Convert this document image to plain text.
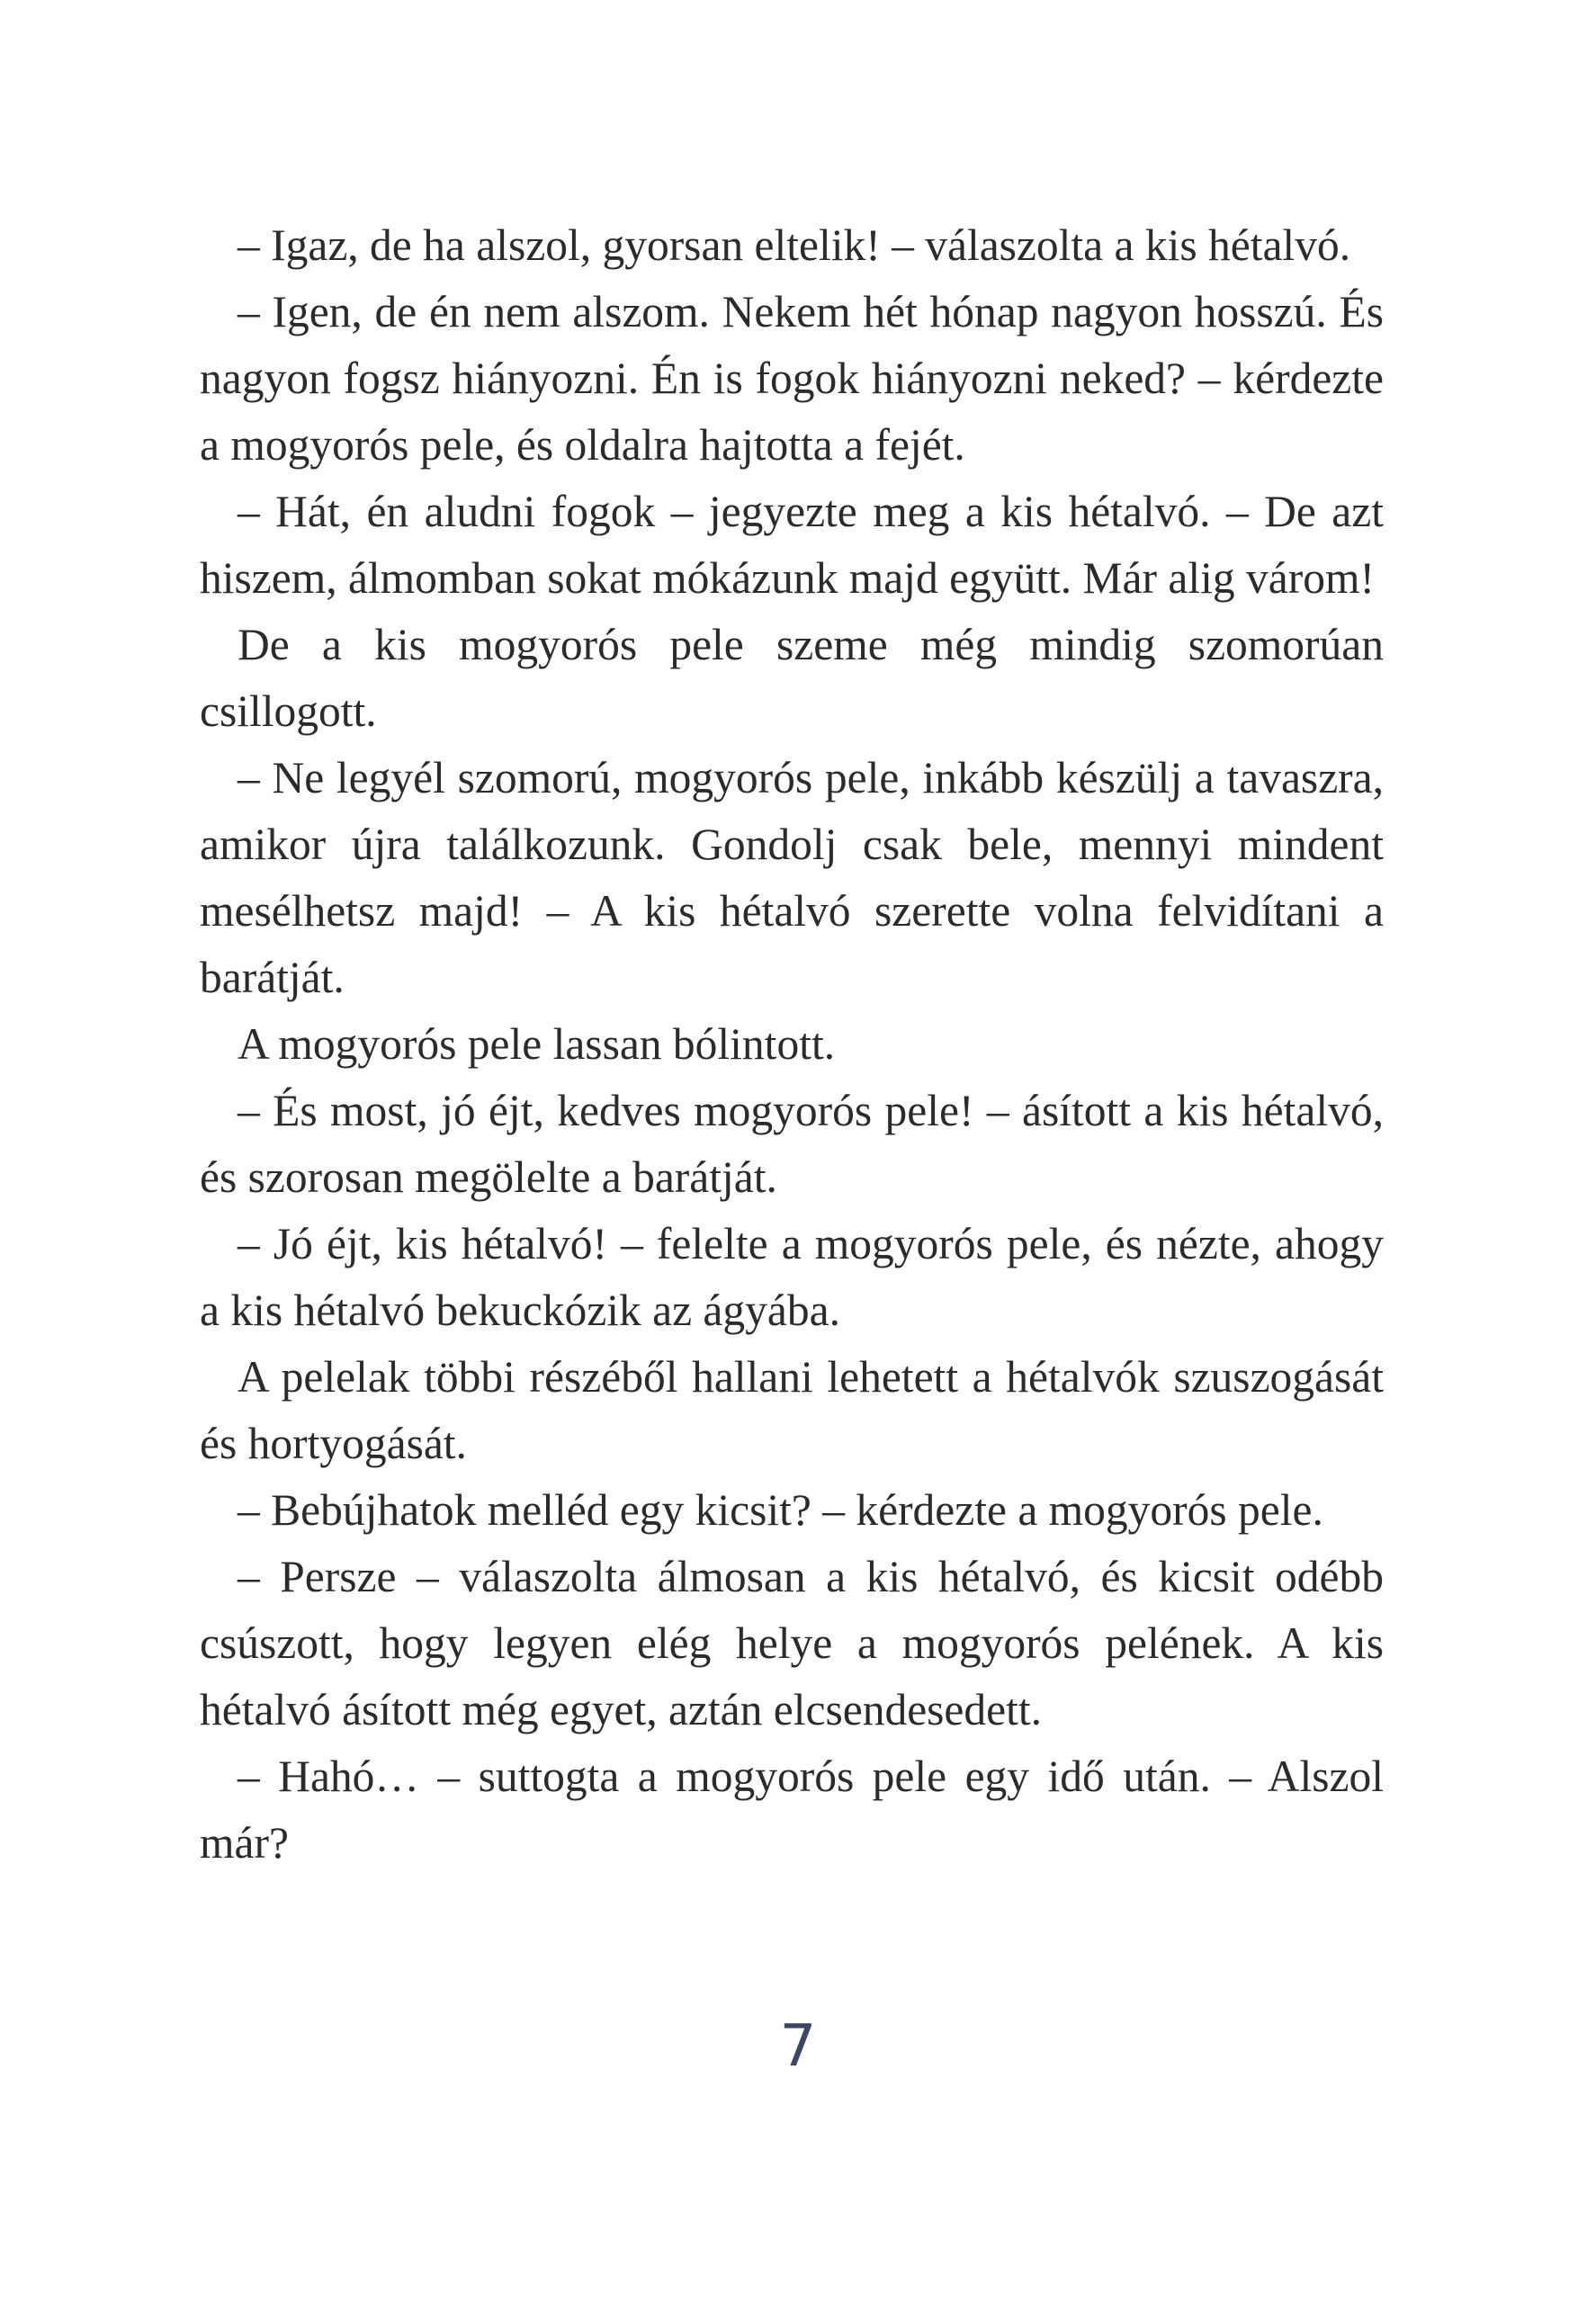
– Igaz, de ha alszol, gyorsan eltelik! – válaszolta a kis hétalvó.

– Igen, de én nem alszom. Nekem hét hónap nagyon hosszú. És nagyon fogsz hiányozni. Én is fogok hiányozni neked? – kérdezte a mogyorós pele, és oldalra hajtotta a fejét.

– Hát, én aludni fogok – jegyezte meg a kis hétalvó. – De azt hiszem, álmomban sokat mókázunk majd együtt. Már alig várom!

De a kis mogyorós pele szeme még mindig szomorúan csillogott.

– Ne legyél szomorú, mogyorós pele, inkább készülj a tavaszra, amikor újra találkozunk. Gondolj csak bele, mennyi mindent mesélhetsz majd! – A kis hétalvó szerette volna felvidítani a barátját.

A mogyorós pele lassan bólintott.

– És most, jó éjt, kedves mogyorós pele! – ásított a kis hétalvó, és szorosan megölelte a barátját.

– Jó éjt, kis hétalvó! – felelte a mogyorós pele, és nézte, ahogy a kis hétalvó bekuckózik az ágyába.

A pelelak többi részéből hallani lehetett a hétalvók szuszogását és hortyogását.

– Bebújhatok melléd egy kicsit? – kérdezte a mogyorós pele.

– Persze – válaszolta álmosan a kis hétalvó, és kicsit odébb csúszott, hogy legyen elég helye a mogyorós pelének. A kis hétalvó ásított még egyet, aztán elcsendesedett.

– Hahó… – suttogta a mogyorós pele egy idő után. – Alszol már?

7
